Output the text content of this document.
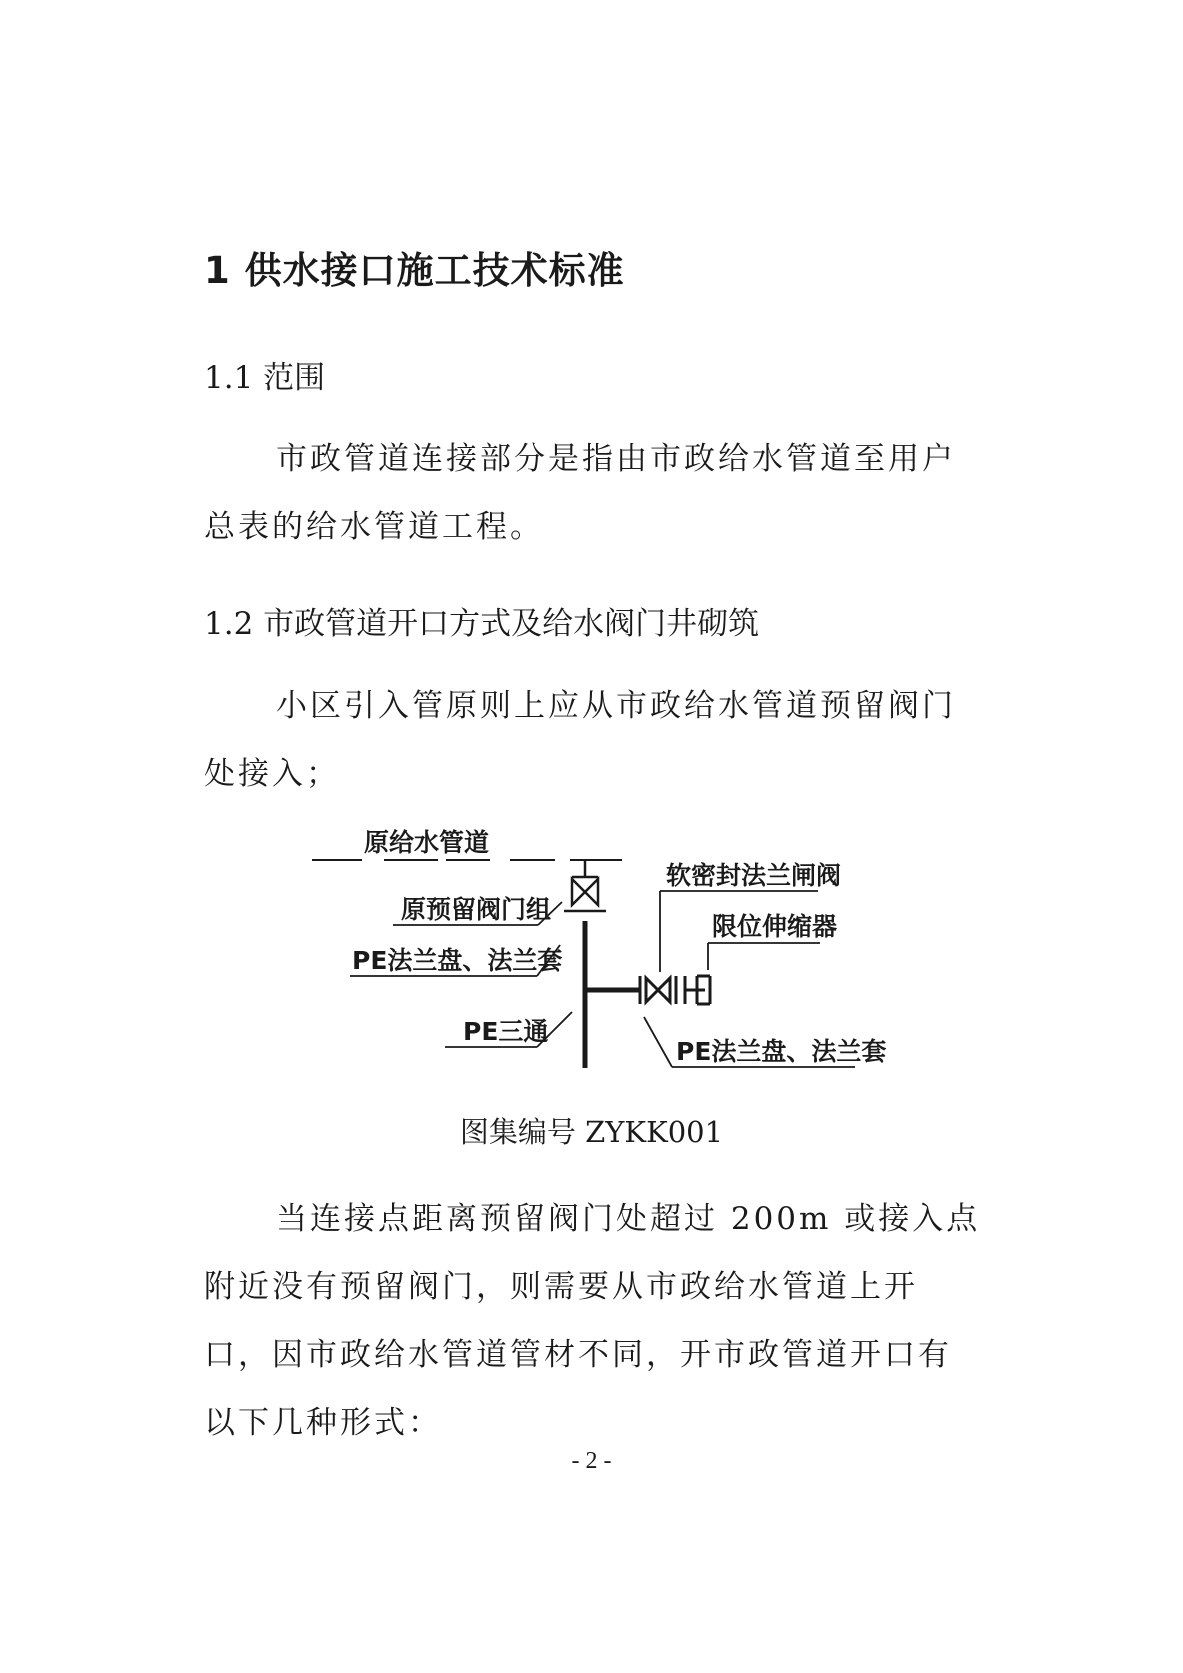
1 供水接口施工技术标准
1.1 范围

市政管道连接部分是指由市政给水管道至用户总表的给水管道工程。

1.2 市政管道开口方式及给水阀门井砌筑

小区引入管原则上应从市政给水管道预留阀门处接入；

原给水管道
原预留阀门组
PE法兰盘、法兰套
PE三通
软密封法兰闸阀
限位伸缩器
PE法兰盘、法兰套
图集编号 ZYKK001

当连接点距离预留阀门处超过 200m 或接入点附近没有预留阀门，则需要从市政给水管道上开口，因市政给水管道管材不同，开市政管道开口有以下几种形式：

- 2 -
